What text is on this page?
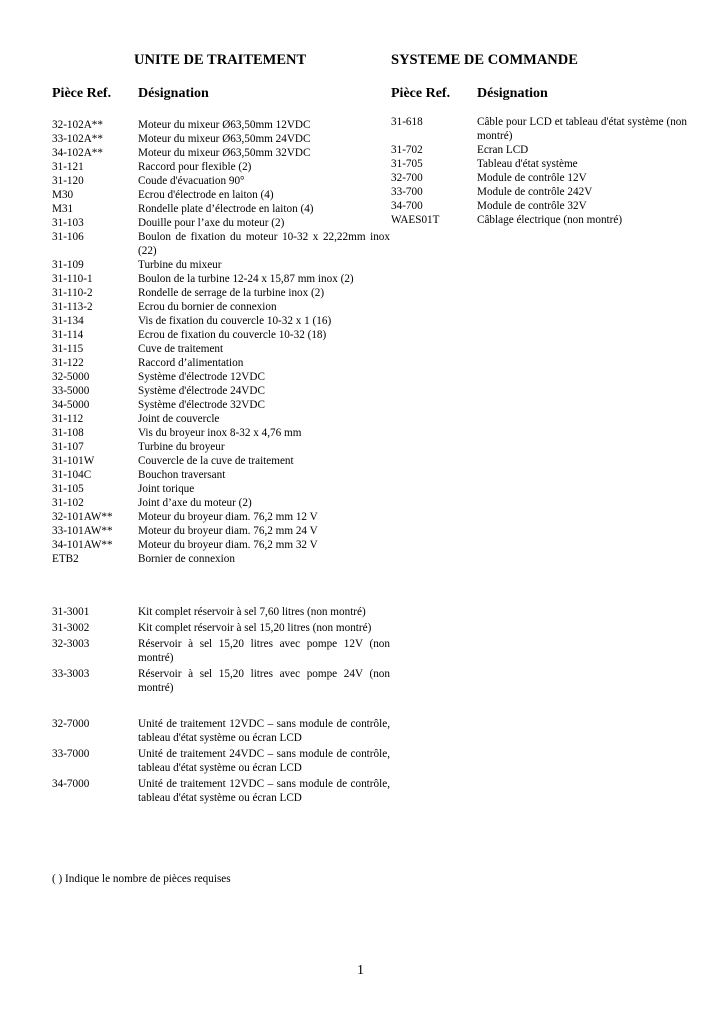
UNITE DE TRAITEMENT	SYSTEME DE COMMANDE
Pièce Ref. Désignation	Pièce Ref. Désignation
32-102A**	Moteur du mixeur Ø63,50mm 12VDC
33-102A**	Moteur du mixeur Ø63,50mm 24VDC
34-102A**	Moteur du mixeur Ø63,50mm 32VDC
31-121	Raccord pour flexible (2)
31-120	Coude d'évacuation 90°
M30	Ecrou d'électrode en laiton (4)
M31	Rondelle plate d’électrode en laiton (4)
31-103	Douille pour l’axe du moteur (2)
31-106	Boulon de fixation du moteur 10-32 x 22,22mm inox (22)
31-109	Turbine du mixeur
31-110-1	Boulon de la turbine 12-24 x 15,87 mm inox (2)
31-110-2	Rondelle de serrage de la turbine inox (2)
31-113-2	Ecrou du bornier de connexion
31-134	Vis de fixation du couvercle 10-32 x 1 (16)
31-114	Ecrou de fixation du couvercle 10-32 (18)
31-115	Cuve de traitement
31-122	Raccord d’alimentation
32-5000	Système d'électrode 12VDC
33-5000	Système d'électrode 24VDC
34-5000	Système d'électrode 32VDC
31-112	Joint de couvercle
31-108	Vis du broyeur inox 8-32 x 4,76 mm
31-107	Turbine du broyeur
31-101W	Couvercle de la cuve de traitement
31-104C	Bouchon traversant
31-105	Joint torique
31-102	Joint d’axe du moteur (2)
32-101AW** Moteur du broyeur diam. 76,2 mm 12 V
33-101AW** Moteur du broyeur diam. 76,2 mm 24 V
34-101AW** Moteur du broyeur diam. 76,2 mm 32 V
ETB2	Bornier de connexion
31-3001	Kit complet réservoir à sel 7,60 litres (non montré)
31-3002	Kit complet réservoir à sel 15,20 litres (non montré)
32-3003	Réservoir à sel 15,20 litres avec pompe 12V (non montré)
33-3003	Réservoir à sel 15,20 litres avec pompe 24V (non montré)
32-7000	Unité de traitement 12VDC – sans module de contrôle, tableau d'état système ou écran LCD
33-7000	Unité de traitement 24VDC – sans module de contrôle, tableau d'état système ou écran LCD
34-7000	Unité de traitement 12VDC – sans module de contrôle, tableau d'état système ou écran LCD
31-618	Câble pour LCD et tableau d'état système (non montré)
31-702	Ecran LCD
31-705	Tableau d'état système
32-700	Module de contrôle 12V
33-700	Module de contrôle 242V
34-700	Module de contrôle 32V
WAES01T	Câblage électrique (non montré)
( ) Indique le nombre de pièces requises
1
